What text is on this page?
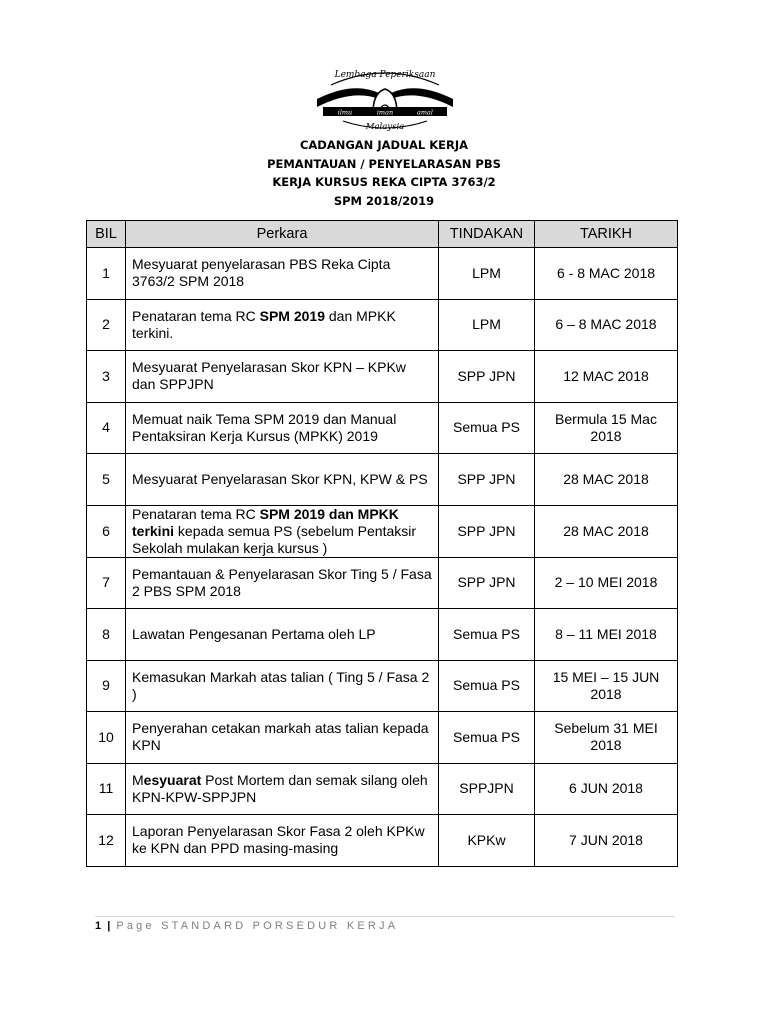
Lembaga Peperiksaan
ilmu	iman	amal
Malaysia
CADANGAN JADUAL KERJA
PEMANTAUAN / PENYELARASAN PBS
KERJA KURSUS REKA CIPTA 3763/2
SPM 2018/2019
BIL	Perkara	TINDAKAN	TARIKH
1	Mesyuarat penyelarasan PBS Reka Cipta 3763/2 SPM 2018	LPM	6 - 8 MAC 2018
2	Penataran tema RC SPM 2019 dan MPKK terkini.	LPM	6 – 8 MAC 2018
3	Mesyuarat Penyelarasan Skor KPN – KPKw dan SPPJPN	SPP JPN	12 MAC 2018
4	Memuat naik Tema SPM 2019 dan Manual Pentaksiran Kerja Kursus (MPKK) 2019	Semua PS	Bermula 15 Mac 2018
5	Mesyuarat Penyelarasan Skor KPN, KPW & PS	SPP JPN	28 MAC 2018
6	Penataran tema RC SPM 2019 dan MPKK terkini kepada semua PS (sebelum Pentaksir Sekolah mulakan kerja kursus )	SPP JPN	28 MAC 2018
7	Pemantauan & Penyelarasan Skor Ting 5 / Fasa 2 PBS SPM 2018	SPP JPN	2 – 10 MEI 2018
8	Lawatan Pengesanan Pertama oleh LP	Semua PS	8 – 11 MEI 2018
9	Kemasukan Markah atas talian ( Ting 5 / Fasa 2 )	Semua PS	15 MEI – 15 JUN 2018
10	Penyerahan cetakan markah atas talian kepada KPN	Semua PS	Sebelum 31 MEI 2018
11	Mesyuarat Post Mortem dan semak silang oleh KPN-KPW-SPPJPN	SPPJPN	6 JUN 2018
12	Laporan Penyelarasan Skor Fasa 2 oleh KPKw ke KPN dan PPD masing-masing	KPKw	7 JUN 2018
1 | Page STANDARD PORSEDUR KERJA
